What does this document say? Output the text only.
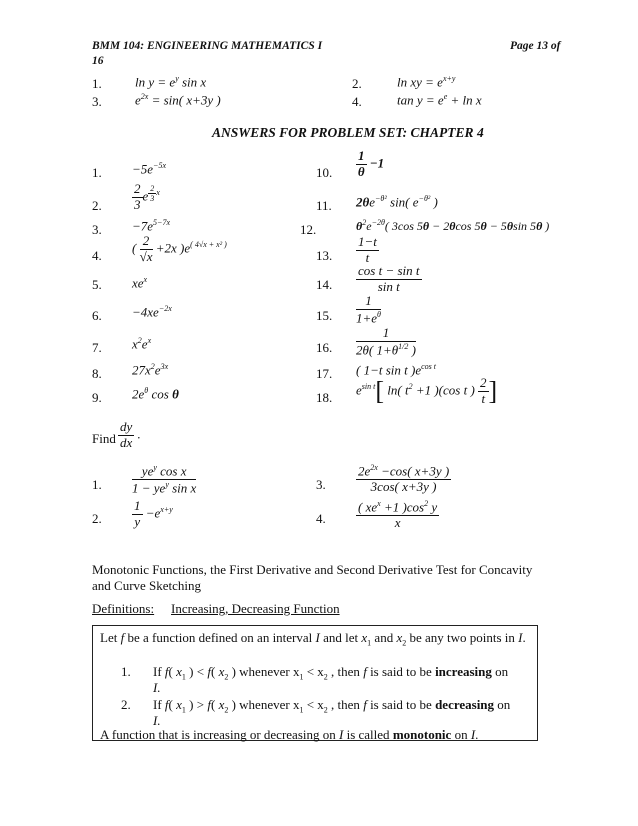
BMM 104: ENGINEERING MATHEMATICS I
16
Page 13 of
1.	$\ln y = e^y$ sin x	2.	ln xy = $e^{x+y}$
3.	$e^{2x} = \sin$( x+3y )	4.	$\tan y = e^e + \ln x$
ANSWERS FOR PROBLEM SET: CHAPTER 4
1. $-5e^{-5x}$
2. $\frac{2}{3}$ e $^{\frac{2}{3} x}$
3. $-7e^{5-7x}$
4.
( $\frac{2}{√x} +2x$ )$e^{( 4√x + x^2 )}$
5. $xe^x$
6. $-4xe^{-2x}$
7. $x^2e^x$
8. $27x^2e^{3x}$
9. $2e^\theta$ cos θ
10. $\frac{1}{\theta} -1$
11. $2\theta e^{-\theta^2}$ sin( $e^{-\theta^2}$ )
12.	$\theta^2e^{-2\theta}$( 3cos 5θ − 2θcos 5θ − 5θsin 5θ )
13. $\frac{1-t}{t}$
14. $\frac{\text{cos t − sin t}}{\text{sin t}}$
15. $\frac{1}{1+e^\theta}$
16. $\frac{1}{2\theta( 1+\theta^{1/2} )}$
17. ( 1−t sin t )$e^{cos t}$
18.
$e^{sin t}$[ ln( $t^2 +1$ )(cos t ) $\frac{2}{t}$ ]
Find $\frac{dy}{dx}$ .
1. $\frac{ye^y \cos x}{1 - ye^y \sin x}$
2. $\frac{1}{y} -e^{x+y}$
3. $\frac{2e^{2x} -\cos( x+3y )}{3\cos( x+3y )}$
4. $\frac{( xe^x +1 )\cos^2 y}{x}$
Monotonic Functions, the First Derivative and Second Derivative Test for Concavity and Curve Sketching
Definitions: Increasing, Decreasing Function
Let f be a function defined on an interval I and let $x_1$ and $x_2$ be any two points in I.
1. If f( $x_1$ ) < f( $x_2$ ) whenever $x_1 < x_2$ , then f is said to be increasing on
I.
2. If f( $x_1$ ) > f( $x_2$ ) whenever $x_1 < x_2$ , then f is said to be decreasing on
I.
A function that is increasing or decreasing on I is called monotonic on I.
